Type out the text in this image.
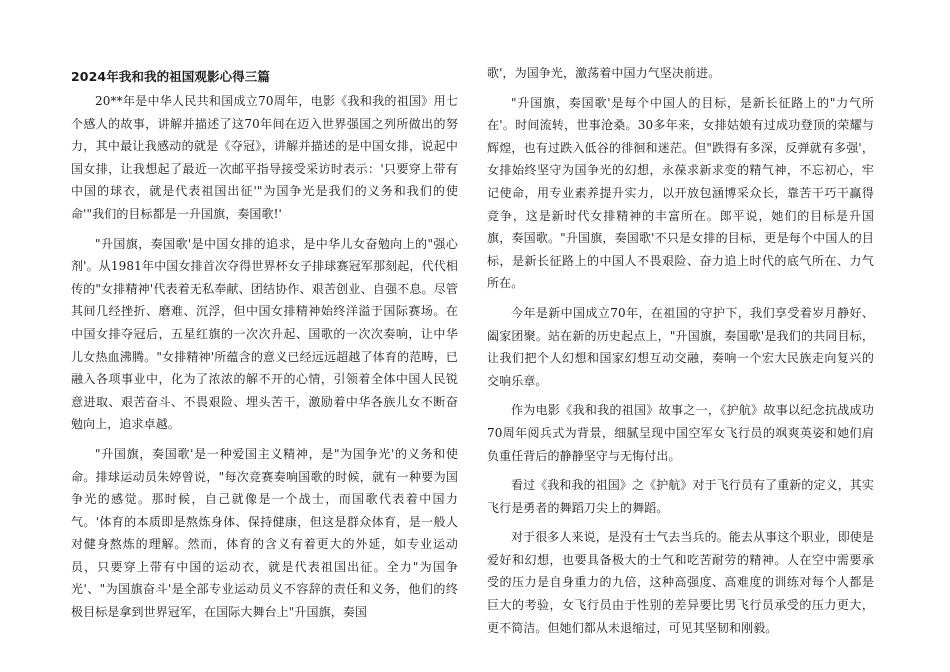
2024年我和我的祖国观影心得三篇

20**年是中华人民共和国成立70周年，电影《我和我的祖国》用七个感人的故事，讲解并描述了这70年间在迈入世界强国之列所做出的努力，其中最让我感动的就是《夺冠》，讲解并描述的是中国女排，说起中国女排，让我想起了最近一次邮平指导接受采访时表示：'只要穿上带有中国的球衣，就是代表祖国出征'"为国争光是我们的义务和我们的使命'"我们的目标都是一升国旗，奏国歌!'

"升国旗，奏国歌'是中国女排的追求，是中华儿女奋勉向上的"强心剂'。从1981年中国女排首次夺得世界杯女子排球赛冠军那刻起，代代相传的"女排精神'代表着无私奉献、团结协作、艰苦创业、自强不息。尽管其间几经挫折、磨难、沉浮，但中国女排精神始终洋溢于国际赛场。在中国女排夺冠后，五星红旗的一次次升起、国歌的一次次奏响，让中华儿女热血沸腾。"女排精神'所蕴含的意义已经远远超越了体育的范畴，已融入各项事业中，化为了浓浓的解不开的心情，引领着全体中国人民锐意进取、艰苦奋斗、不畏艰险、埋头苦干，激励着中华各族儿女不断奋勉向上，追求卓越。

"升国旗，奏国歌'是一种爱国主义精神，是"为国争光'的义务和使命。排球运动员朱婷曾说，"每次竞赛奏响国歌的时候，就有一种要为国争光的感觉。那时候，自己就像是一个战士，而国歌代表着中国力气。'体育的本质即是熬炼身体、保持健康，但这是群众体育，是一般人对健身熬炼的理解。然而，体育的含义有着更大的外延，如专业运动员，只要穿上带有中国的运动衣，就是代表祖国出征。全力"为国争光'、"为国旗奋斗'是全部专业运动员义不容辞的责任和义务，他们的终极目标是拿到世界冠军，在国际大舞台上"升国旗，奏国

歌'，为国争光，激荡着中国力气坚决前进。

"升国旗，奏国歌'是每个中国人的目标，是新长征路上的"力气所在'。时间流转，世事沧桑。30多年来，女排姑娘有过成功登顶的荣耀与辉煌，也有过跌入低谷的徘徊和迷茫。但"跌得有多深，反弹就有多强'，女排始终坚守为国争光的幻想，永葆求新求变的精气神，不忘初心，牢记使命，用专业素养提升实力，以开放包涵博采众长，靠苦干巧干赢得竞争，这是新时代女排精神的丰富所在。郎平说，她们的目标是升国旗，奏国歌。"升国旗，奏国歌'不只是女排的目标，更是每个中国人的目标，是新长征路上的中国人不畏艰险、奋力追上时代的底气所在、力气所在。

今年是新中国成立70年，在祖国的守护下，我们享受着岁月静好、阖家团聚。站在新的历史起点上，"升国旗，奏国歌'是我们的共同目标，让我们把个人幻想和国家幻想互动交融，奏响一个宏大民族走向复兴的交响乐章。

作为电影《我和我的祖国》故事之一，《护航》故事以纪念抗战成功70周年阅兵式为背景，细腻呈现中国空军女飞行员的飒爽英姿和她们肩负重任背后的静静坚守与无悔付出。

看过《我和我的祖国》之《护航》对于飞行员有了重新的定义，其实飞行是勇者的舞蹈刀尖上的舞蹈。

对于很多人来说，是没有士气去当兵的。能去从事这个职业，即使是爱好和幻想，也要具备极大的士气和吃苦耐劳的精神。人在空中需要承受的压力是自身重力的九倍，这种高强度、高难度的训练对每个人都是巨大的考验，女飞行员由于性别的差异要比男飞行员承受的压力更大，更不简洁。但她们都从未退缩过，可见其坚韧和刚毅。
